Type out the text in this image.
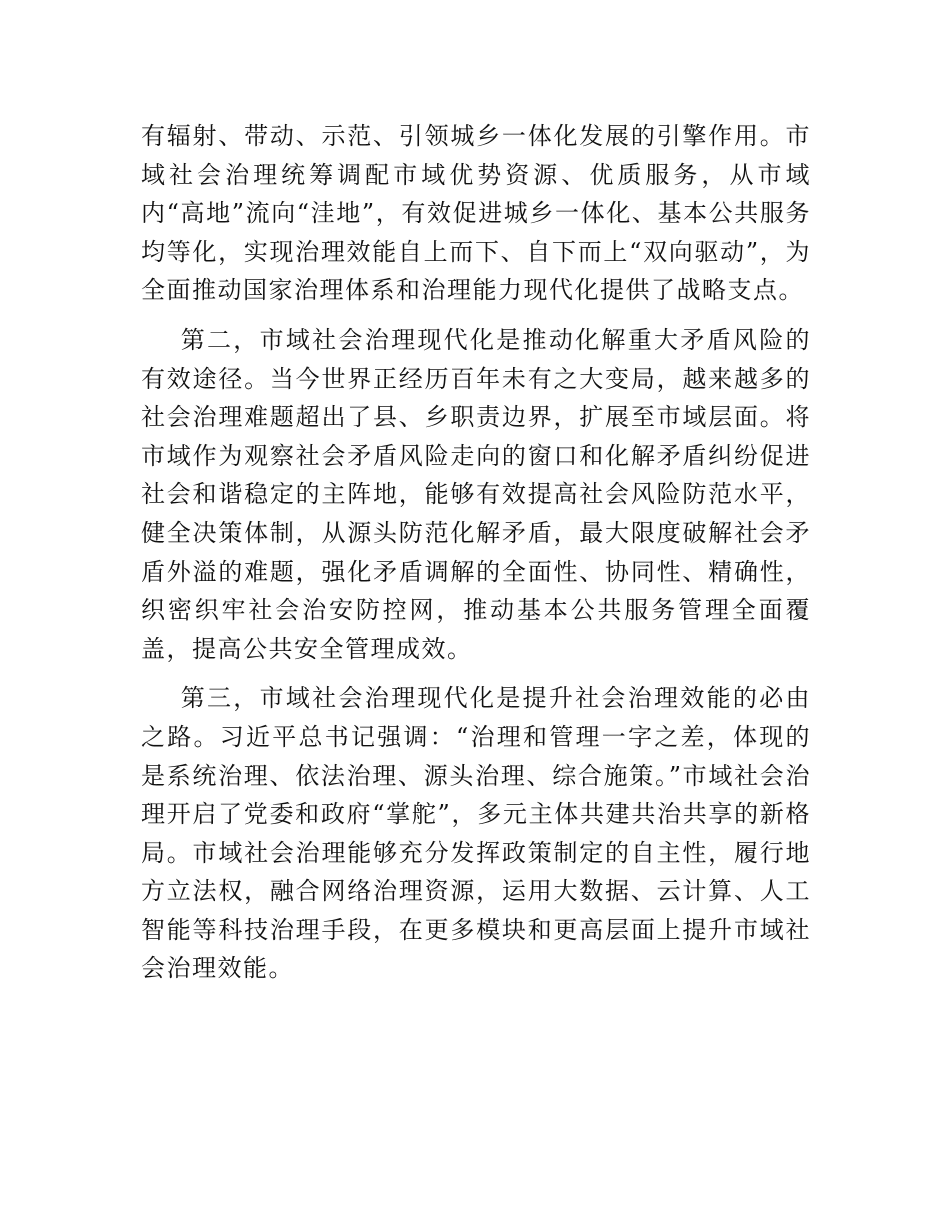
有辐射、带动、示范、引领城乡一体化发展的引擎作用。市域社会治理统筹调配市域优势资源、优质服务，从市域内“高地”流向“洼地”，有效促进城乡一体化、基本公共服务均等化，实现治理效能自上而下、自下而上“双向驱动”，为全面推动国家治理体系和治理能力现代化提供了战略支点。

第二，市域社会治理现代化是推动化解重大矛盾风险的有效途径。当今世界正经历百年未有之大变局，越来越多的社会治理难题超出了县、乡职责边界，扩展至市域层面。将市域作为观察社会矛盾风险走向的窗口和化解矛盾纠纷促进社会和谐稳定的主阵地，能够有效提高社会风险防范水平，健全决策体制，从源头防范化解矛盾，最大限度破解社会矛盾外溢的难题，强化矛盾调解的全面性、协同性、精确性，织密织牢社会治安防控网，推动基本公共服务管理全面覆盖，提高公共安全管理成效。

第三，市域社会治理现代化是提升社会治理效能的必由之路。习近平总书记强调：“治理和管理一字之差，体现的是系统治理、依法治理、源头治理、综合施策。”市域社会治理开启了党委和政府“掌舵”，多元主体共建共治共享的新格局。市域社会治理能够充分发挥政策制定的自主性，履行地方立法权，融合网络治理资源，运用大数据、云计算、人工智能等科技治理手段，在更多模块和更高层面上提升市域社会治理效能。
